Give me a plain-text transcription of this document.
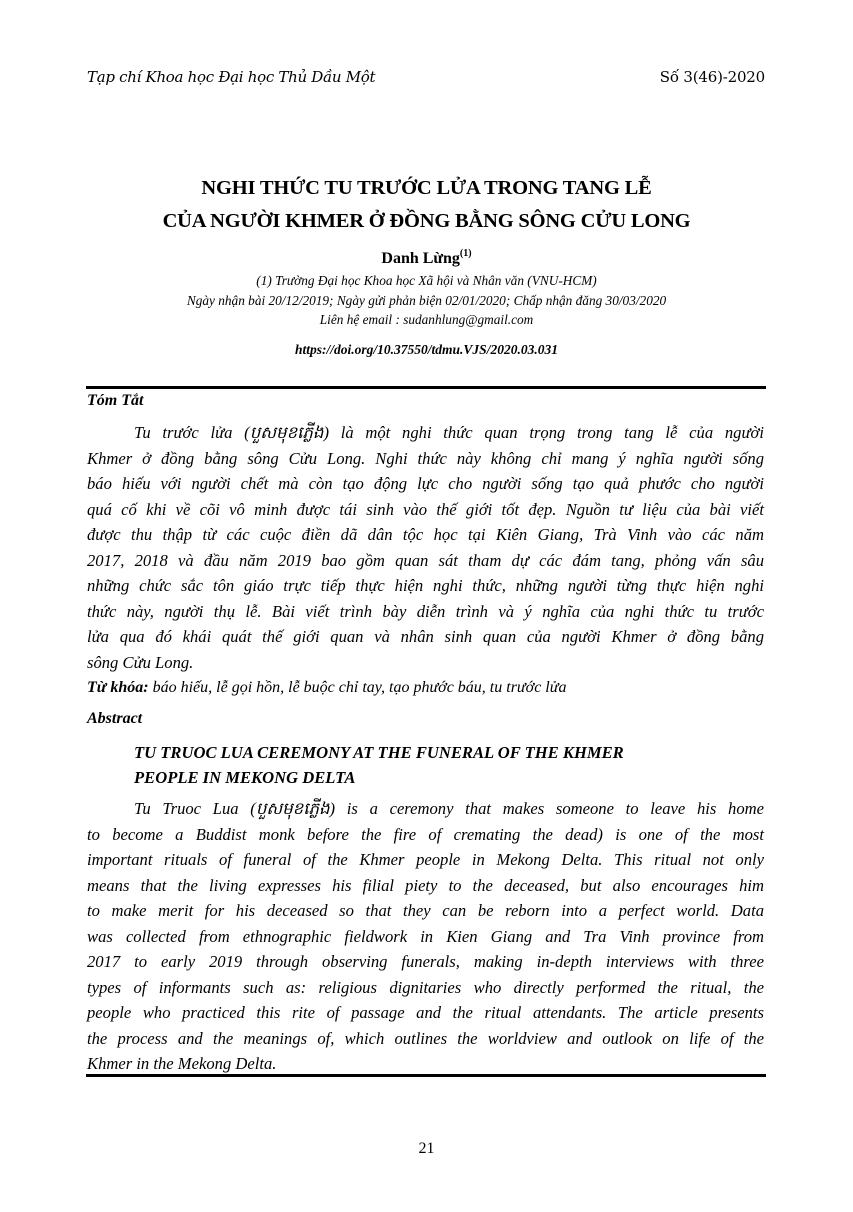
Tạp chí Khoa học Đại học Thủ Dầu Một	Số 3(46)-2020
NGHI THỨC TU TRƯỚC LỬA TRONG TANG LỄ
CỦA NGƯỜI KHMER Ở ĐỒNG BẰNG SÔNG CỬU LONG
Danh Lừng$^{(1)}$
(1) Trường Đại học Khoa học Xã hội và Nhân văn (VNU-HCM)
Ngày nhận bài 20/12/2019; Ngày gửi phản biện 02/01/2020; Chấp nhận đăng 30/03/2020
Liên hệ email : sudanhlung@gmail.com
https://doi.org/10.37550/tdmu.VJS/2020.03.031
Tóm Tắt
Tu trước lửa (បួសមុខភ្លើង) là một nghi thức quan trọng trong tang lễ của người
Khmer ở đồng bằng sông Cửu Long. Nghi thức này không chỉ mang ý nghĩa người sống
báo hiếu với người chết mà còn tạo động lực cho người sống tạo quả phước cho người
quá cố khi về cõi vô minh được tái sinh vào thế giới tốt đẹp. Nguồn tư liệu của bài viết
được thu thập từ các cuộc điền dã dân tộc học tại Kiên Giang, Trà Vinh vào các năm
2017, 2018 và đầu năm 2019 bao gồm quan sát tham dự các đám tang, phỏng vấn sâu
những chức sắc tôn giáo trực tiếp thực hiện nghi thức, những người từng thực hiện nghi
thức này, người thụ lễ. Bài viết trình bày diễn trình và ý nghĩa của nghi thức tu trước
lửa qua đó khái quát thế giới quan và nhân sinh quan của người Khmer ở đồng bằng
sông Cửu Long.
Từ khóa: báo hiếu, lễ gọi hồn, lễ buộc chỉ tay, tạo phước báu, tu trước lửa
Abstract
TU TRUOC LUA CEREMONY AT THE FUNERAL OF THE KHMER
PEOPLE IN MEKONG DELTA
Tu Truoc Lua (បួសមុខភ្លើង) is a ceremony that makes someone to leave his home
to become a Buddist monk before the fire of cremating the dead) is one of the most
important rituals of funeral of the Khmer people in Mekong Delta. This ritual not only
means that the living expresses his filial piety to the deceased, but also encourages him
to make merit for his deceased so that they can be reborn into a perfect world. Data
was collected from ethnographic fieldwork in Kien Giang and Tra Vinh province from
2017 to early 2019 through observing funerals, making in-depth interviews with three
types of informants such as: religious dignitaries who directly performed the ritual, the
people who practiced this rite of passage and the ritual attendants. The article presents
the process and the meanings of, which outlines the worldview and outlook on life of the
Khmer in the Mekong Delta.
21
